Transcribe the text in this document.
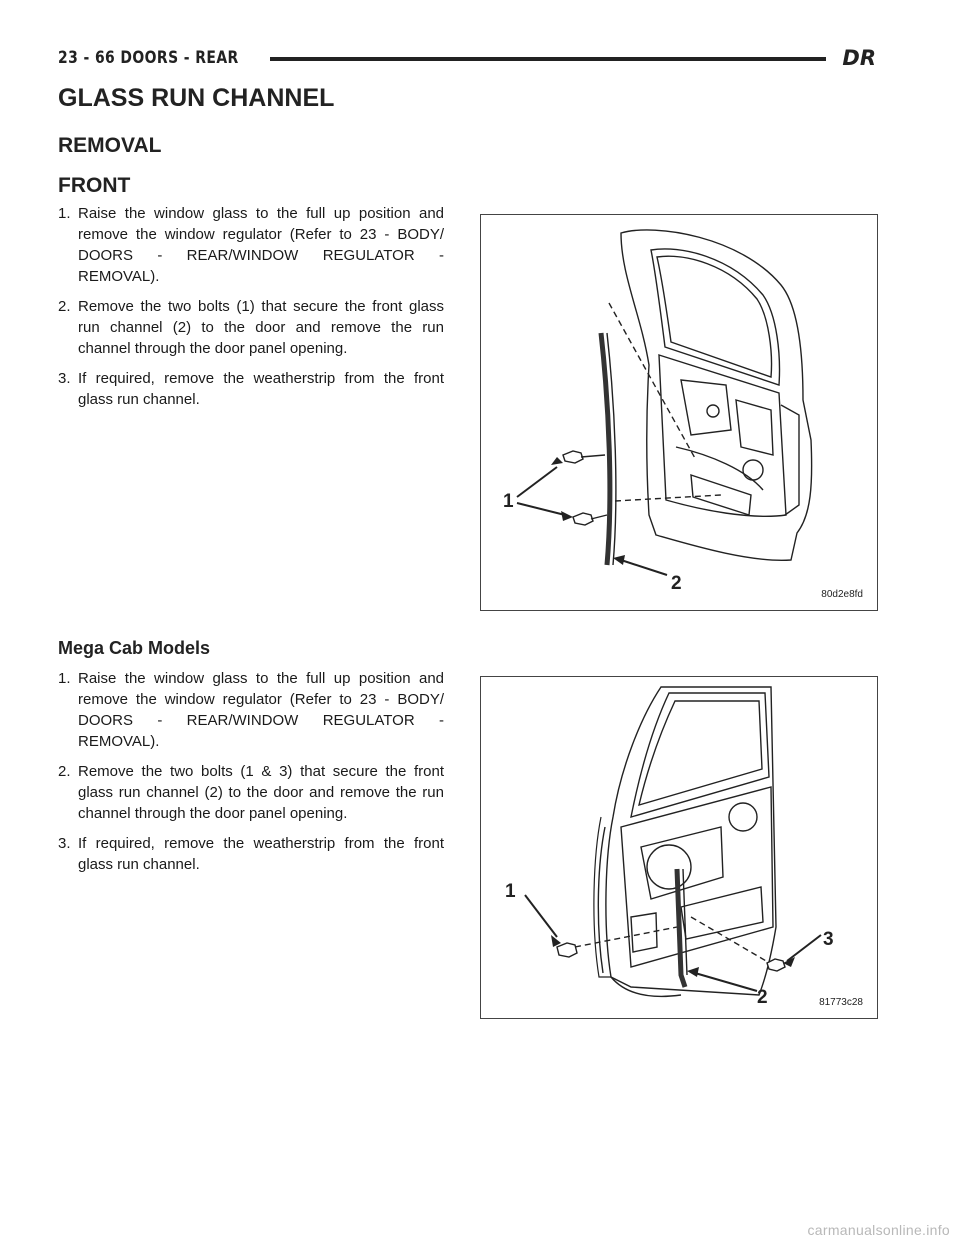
23 - 66 DOORS - REAR	DR
GLASS RUN CHANNEL
REMOVAL
FRONT
1. Raise the window glass to the full up position and remove the window regulator (Refer to 23 - BODY/ DOORS - REAR/WINDOW REGULATOR - REMOVAL).
2. Remove the two bolts (1) that secure the front glass run channel (2) to the door and remove the run channel through the door panel opening.
3. If required, remove the weatherstrip from the front glass run channel.
1
2
80d2e8fd
Mega Cab Models
1. Raise the window glass to the full up position and remove the window regulator (Refer to 23 - BODY/ DOORS - REAR/WINDOW REGULATOR - REMOVAL).
2. Remove the two bolts (1 & 3) that secure the front glass run channel (2) to the door and remove the run channel through the door panel opening.
3. If required, remove the weatherstrip from the front glass run channel.
1
2
3
81773c28
carmanualsonline.info
